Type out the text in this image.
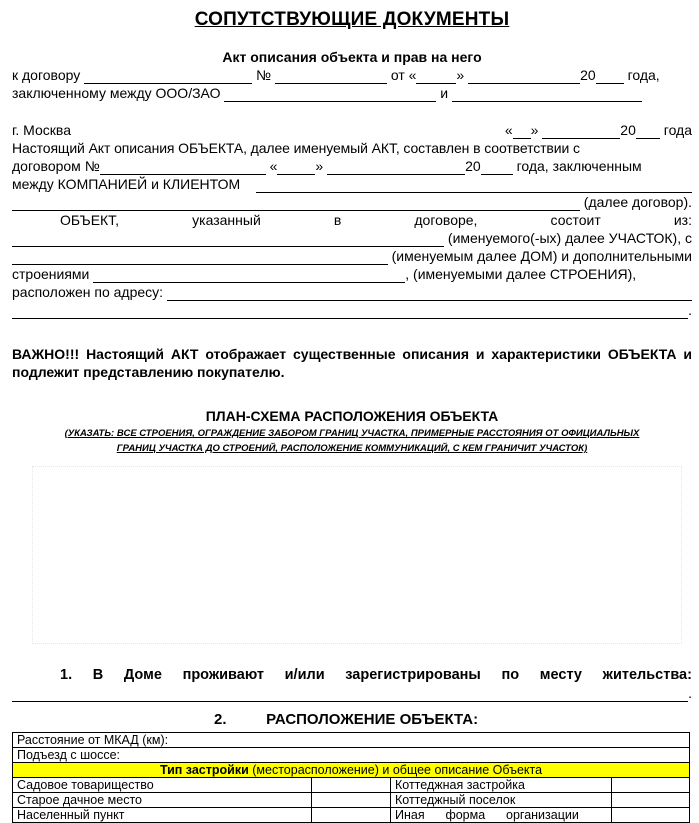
СОПУТСТВУЮЩИЕ ДОКУМЕНТЫ
Акт описания объекта и прав на него
к договору

	№

	от «	»
	20
года,
заключенному между ООО/ЗАО

	и

г. Москва	« »
	20
года
Настоящий Акт описания ОБЪЕКТА, далее именуемый АКТ, составлен в соответствии с
договором №
	«	»
	20
	года, заключенным
между КОМПАНИЕЙ и КЛИЕНТОМ

(далее договор).
ОБЪЕКТ,	указанный	в	договоре,	состоит	из:

(именуемого(-ых) далее УЧАСТОК), с

(именуемым далее ДОМ) и дополнительными
строениями
	, (именуемыми далее СТРОЕНИЯ),
расположен по адресу:

.
ВАЖНО!!! Настоящий АКТ отображает существенные описания и характеристики ОБЪЕКТА и подлежит представлению покупателю.
ПЛАН-СХЕМА РАСПОЛОЖЕНИЯ ОБЪЕКТА
(УКАЗАТЬ: ВСЕ СТРОЕНИЯ, ОГРАЖДЕНИЕ ЗАБОРОМ ГРАНИЦ УЧАСТКА, ПРИМЕРНЫЕ РАССТОЯНИЯ ОТ ОФИЦИАЛЬНЫХ
ГРАНИЦ УЧАСТКА ДО СТРОЕНИЙ, РАСПОЛОЖЕНИЕ КОММУНИКАЦИЙ, С КЕМ ГРАНИЧИТ УЧАСТОК)
1. В Доме проживают и/или зарегистрированы по месту жительства:
.
2.	РАСПОЛОЖЕНИЕ ОБЪЕКТА:
Расстояние от МКАД (км):			
Подъезд с шоссе:			
Тип застройки (месторасположение) и общее описание Объекта			
Садовое товарищество		Коттеджная застройка	
Старое дачное место		Коттеджный поселок	
Населенный пункт		Иная      форма      организации	
